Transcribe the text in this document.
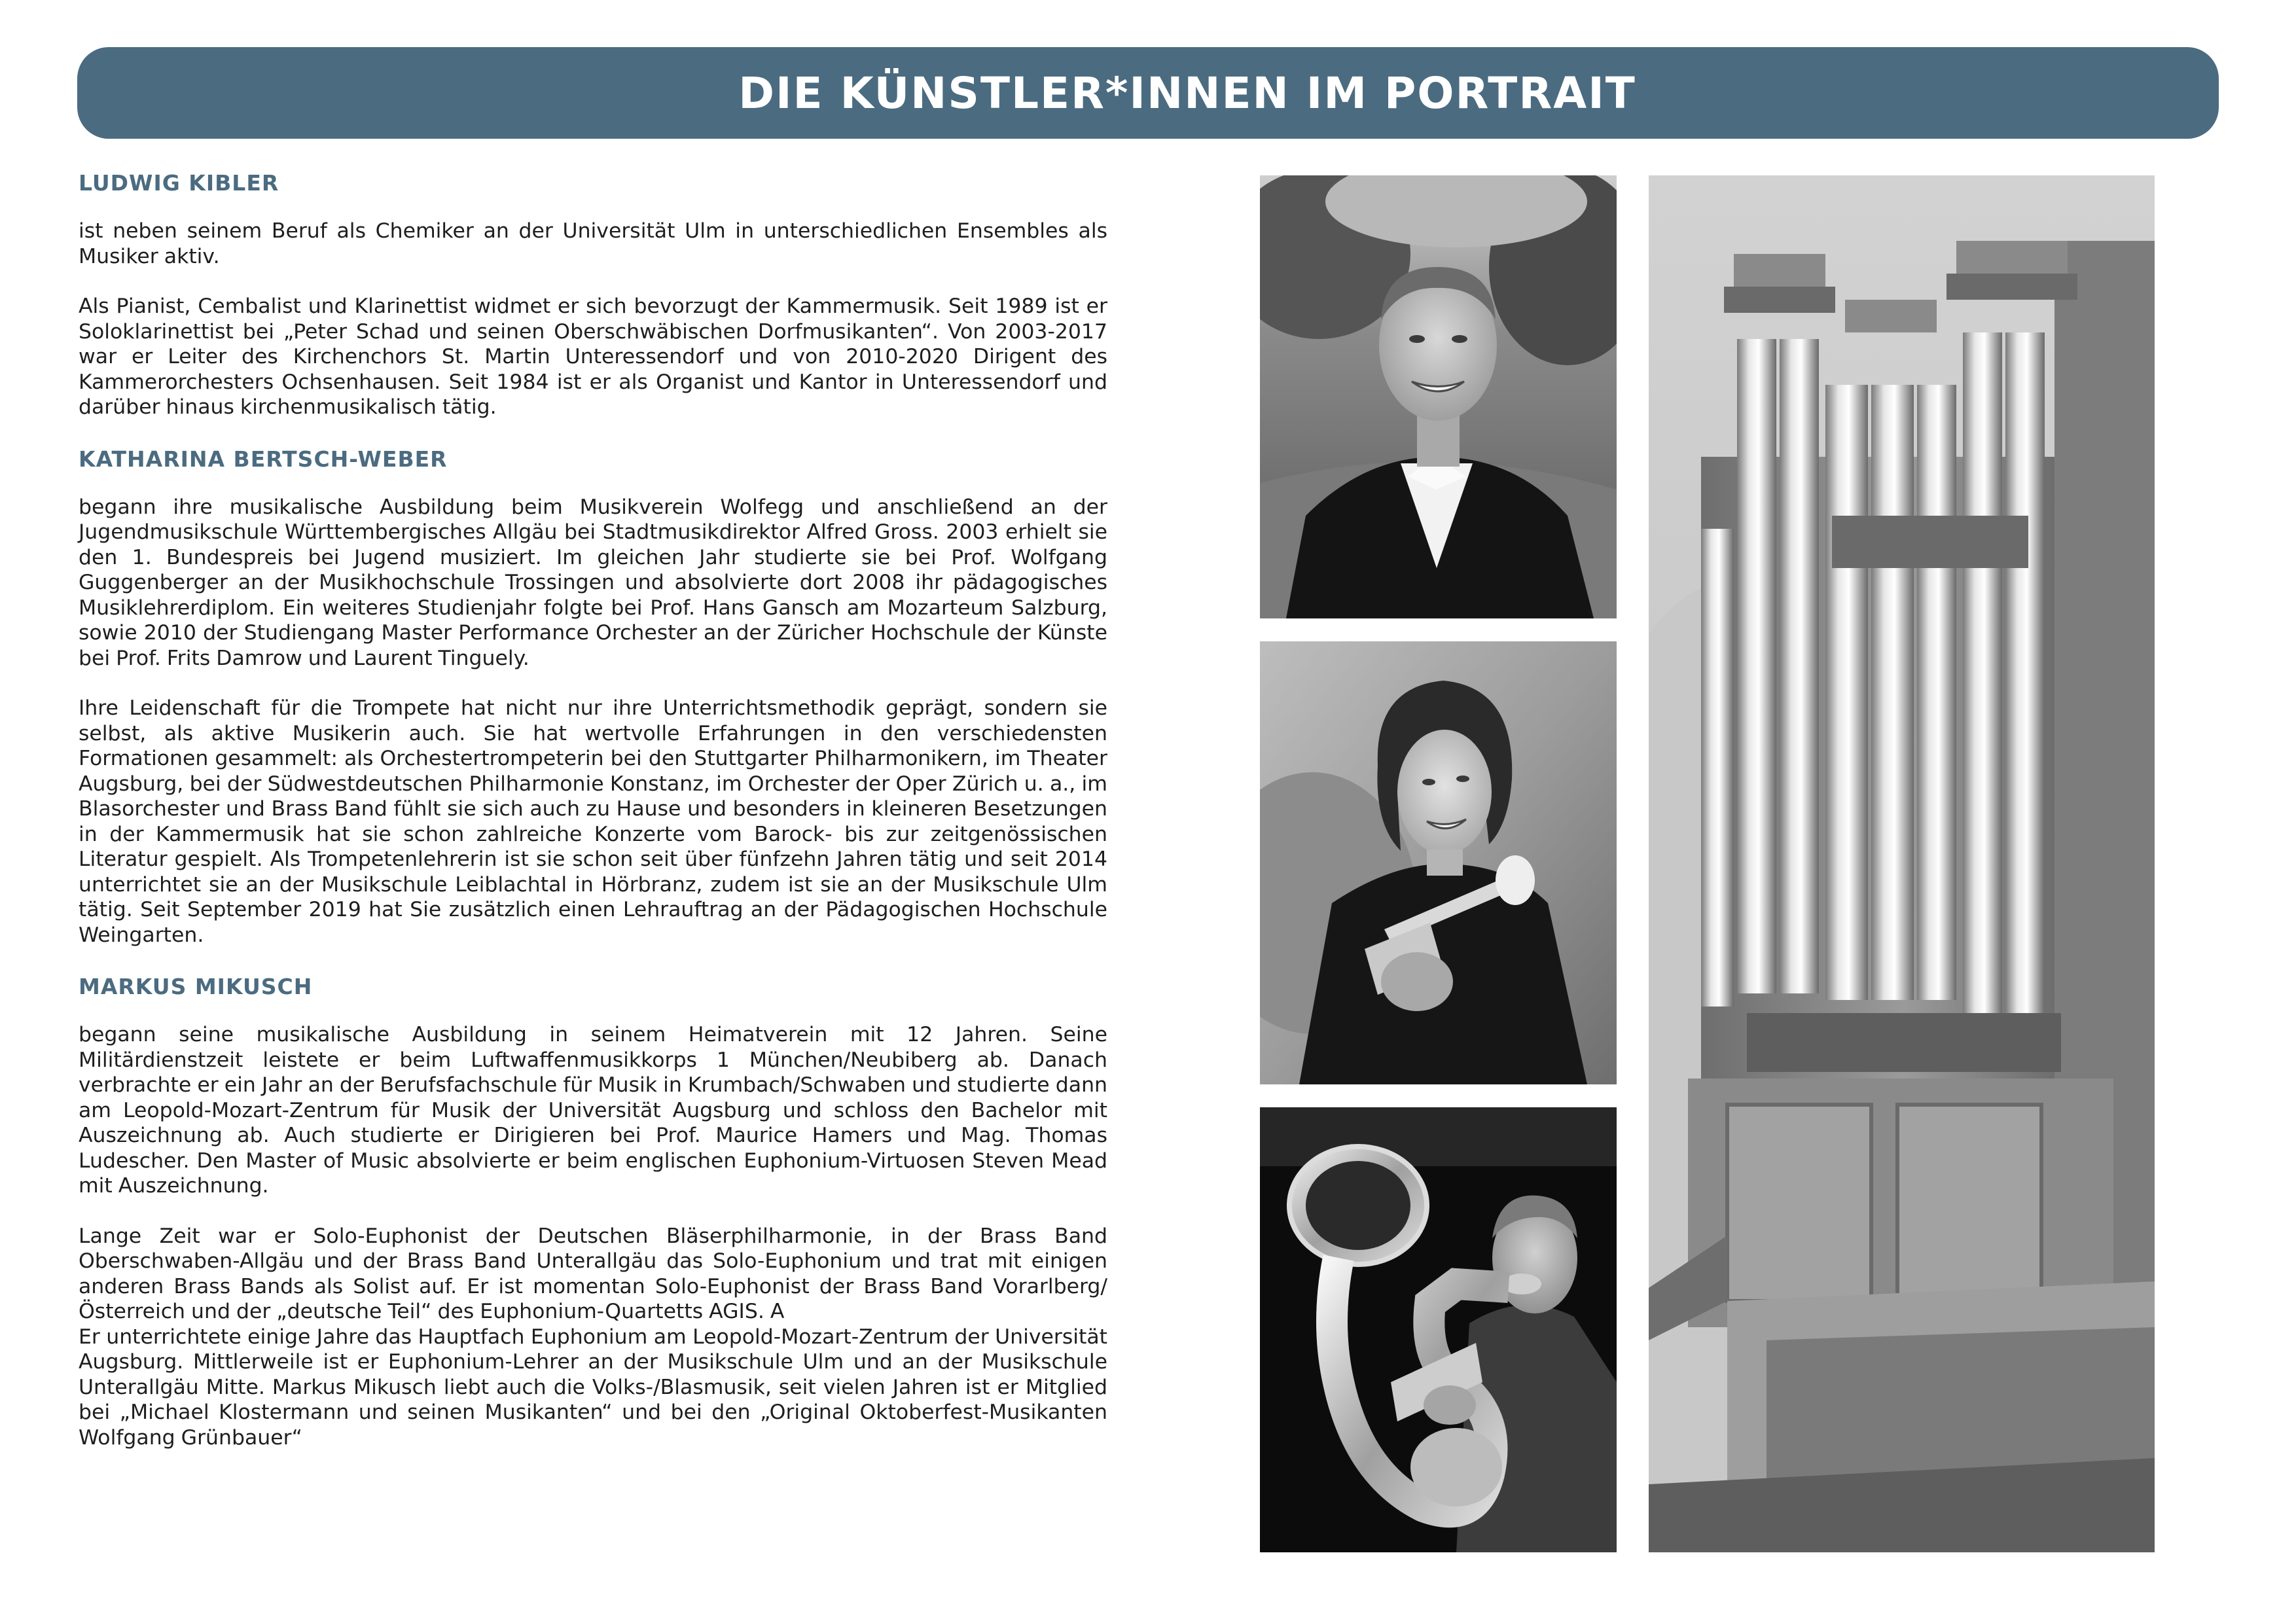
DIE KÜNSTLER*INNEN IM PORTRAIT
LUDWIG KIBLER

ist neben seinem Beruf als Chemiker an der Universität Ulm in unterschiedlichen Ensembles als Musiker aktiv.

Als Pianist, Cembalist und Klarinettist widmet er sich bevorzugt der Kammermusik. Seit 1989 ist er Soloklarinettist bei „Peter Schad und seinen Oberschwäbischen Dorfmusikanten“. Von 2003-2017 war er Leiter des Kirchenchors St. Martin Unteressendorf und von 2010-2020 Dirigent des Kammerorchesters Ochsenhausen. Seit 1984 ist er als Organist und Kantor in Unteressendorf und darüber hinaus kirchenmusikalisch tätig.

KATHARINA BERTSCH-WEBER

begann ihre musikalische Ausbildung beim Musikverein Wolfegg und anschließend an der Jugendmusikschule Württembergisches Allgäu bei Stadtmusikdirektor Alfred Gross. 2003 erhielt sie den 1. Bundespreis bei Jugend musiziert. Im gleichen Jahr studierte sie bei Prof. Wolfgang Guggenberger an der Musikhochschule Trossingen und absolvierte dort 2008 ihr pädagogisches Musiklehrerdiplom. Ein weiteres Studienjahr folgte bei Prof. Hans Gansch am Mozarteum Salzburg, sowie 2010 der Studiengang Master Performance Orchester an der Züricher Hochschule der Künste bei Prof. Frits Damrow und Laurent Tinguely.

Ihre Leidenschaft für die Trompete hat nicht nur ihre Unterrichtsmethodik geprägt, sondern sie selbst, als aktive Musikerin auch. Sie hat wertvolle Erfahrungen in den verschiedensten Formationen gesammelt: als Orchestertrompeterin bei den Stuttgarter Philharmonikern, im Theater Augsburg, bei der Südwestdeutschen Philharmonie Konstanz, im Orchester der Oper Zürich u. a., im Blasorchester und Brass Band fühlt sie sich auch zu Hause und besonders in kleineren Besetzungen in der Kammermusik hat sie schon zahlreiche Konzerte vom Barock- bis zur zeitgenössischen Literatur gespielt. Als Trompetenlehrerin ist sie schon seit über fünfzehn Jahren tätig und seit 2014 unterrichtet sie an der Musikschule Leiblachtal in Hörbranz, zudem ist sie an der Musikschule Ulm tätig. Seit September 2019 hat Sie zusätzlich einen Lehrauftrag an der Pädagogischen Hochschule Weingarten.

MARKUS MIKUSCH

begann seine musikalische Ausbildung in seinem Heimatverein mit 12 Jahren. Seine Militärdienstzeit leistete er beim Luftwaffenmusikkorps 1 München/Neubiberg ab. Danach verbrachte er ein Jahr an der Berufsfachschule für Musik in Krumbach/Schwaben und studierte dann am Leopold-Mozart-Zentrum für Musik der Universität Augsburg und schloss den Bachelor mit Auszeichnung ab. Auch studierte er Dirigieren bei Prof. Maurice Hamers und Mag. Thomas Ludescher. Den Master of Music absolvierte er beim englischen Euphonium-Virtuosen Steven Mead mit Auszeichnung.

Lange Zeit war er Solo-Euphonist der Deutschen Bläserphilharmonie, in der Brass Band Oberschwaben-Allgäu und der Brass Band Unterallgäu das Solo-Euphonium und trat mit einigen anderen Brass Bands als Solist auf. Er ist momentan Solo-Euphonist der Brass Band Vorarlberg/ Österreich und der „deutsche Teil“ des Euphonium-Quartetts AGIS. A
Er unterrichtete einige Jahre das Hauptfach Euphonium am Leopold-Mozart-Zentrum der Universität Augsburg. Mittlerweile ist er Euphonium-Lehrer an der Musikschule Ulm und an der Musikschule Unterallgäu Mitte. Markus Mikusch liebt auch die Volks-/Blasmusik, seit vielen Jahren ist er Mitglied bei „Michael Klostermann und seinen Musikanten“ und bei den „Original Oktoberfest-Musikanten Wolfgang Grünbauer“
